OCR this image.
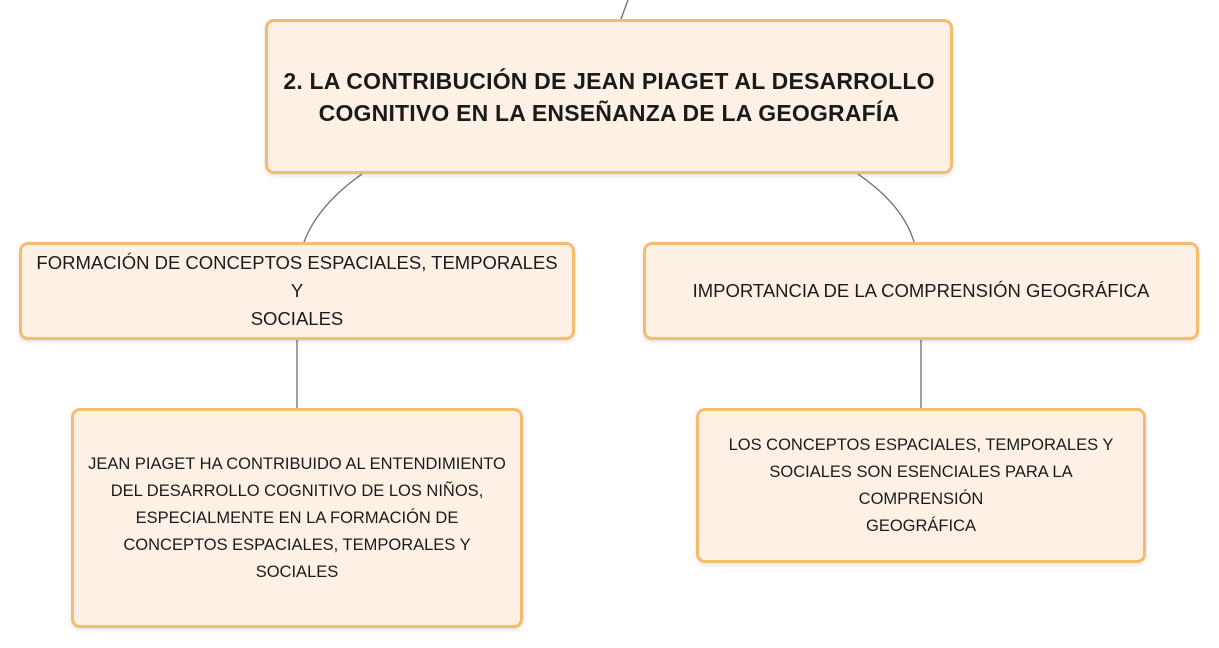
2. LA CONTRIBUCIÓN DE JEAN PIAGET AL DESARROLLO
COGNITIVO EN LA ENSEÑANZA DE LA GEOGRAFÍA
FORMACIÓN DE CONCEPTOS ESPACIALES, TEMPORALES Y
SOCIALES
IMPORTANCIA DE LA COMPRENSIÓN GEOGRÁFICA
JEAN PIAGET HA CONTRIBUIDO AL ENTENDIMIENTO
DEL DESARROLLO COGNITIVO DE LOS NIÑOS,
ESPECIALMENTE EN LA FORMACIÓN DE
CONCEPTOS ESPACIALES, TEMPORALES Y SOCIALES
LOS CONCEPTOS ESPACIALES, TEMPORALES Y
SOCIALES SON ESENCIALES PARA LA COMPRENSIÓN
GEOGRÁFICA
